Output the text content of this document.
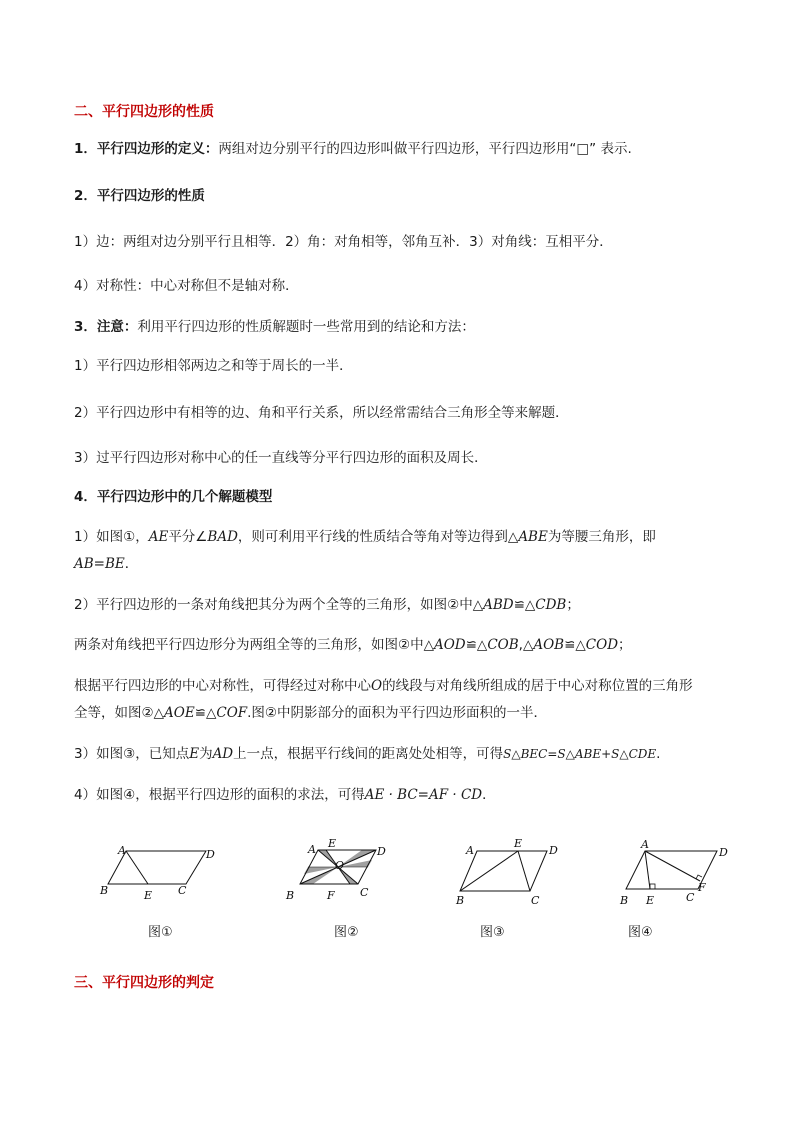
二、平行四边形的性质
1．平行四边形的定义：两组对边分别平行的四边形叫做平行四边形，平行四边形用“□” 表示.
2．平行四边形的性质
1）边：两组对边分别平行且相等．2）角：对角相等，邻角互补．3）对角线：互相平分．
4）对称性：中心对称但不是轴对称．
3．注意：利用平行四边形的性质解题时一些常用到的结论和方法：
1）平行四边形相邻两边之和等于周长的一半．
2）平行四边形中有相等的边、角和平行关系，所以经常需结合三角形全等来解题．
3）过平行四边形对称中心的任一直线等分平行四边形的面积及周长．
4．平行四边形中的几个解题模型
1）如图①，AE平分∠BAD，则可利用平行线的性质结合等角对等边得到△ABE为等腰三角形，即
AB=BE．
2）平行四边形的一条对角线把其分为两个全等的三角形，如图②中△ABD≌△CDB；
两条对角线把平行四边形分为两组全等的三角形，如图②中△AOD≌△COB,△AOB≌△COD；
根据平行四边形的中心对称性，可得经过对称中心O的线段与对角线所组成的居于中心对称位置的三角形
全等，如图②△AOE≌△COF.图②中阴影部分的面积为平行四边形面积的一半．
3）如图③，已知点E为AD上一点，根据平行线间的距离处处相等，可得S△BEC=S△ABE+S△CDE.
4）如图④，根据平行四边形的面积的求法，可得AE · BC=AF · CD．
A	D
B	E C
图①
A E
D
O
B	F C
图②
A
E
D
B	C
图③
A
D
B E	C
F
图④
三、平行四边形的判定
